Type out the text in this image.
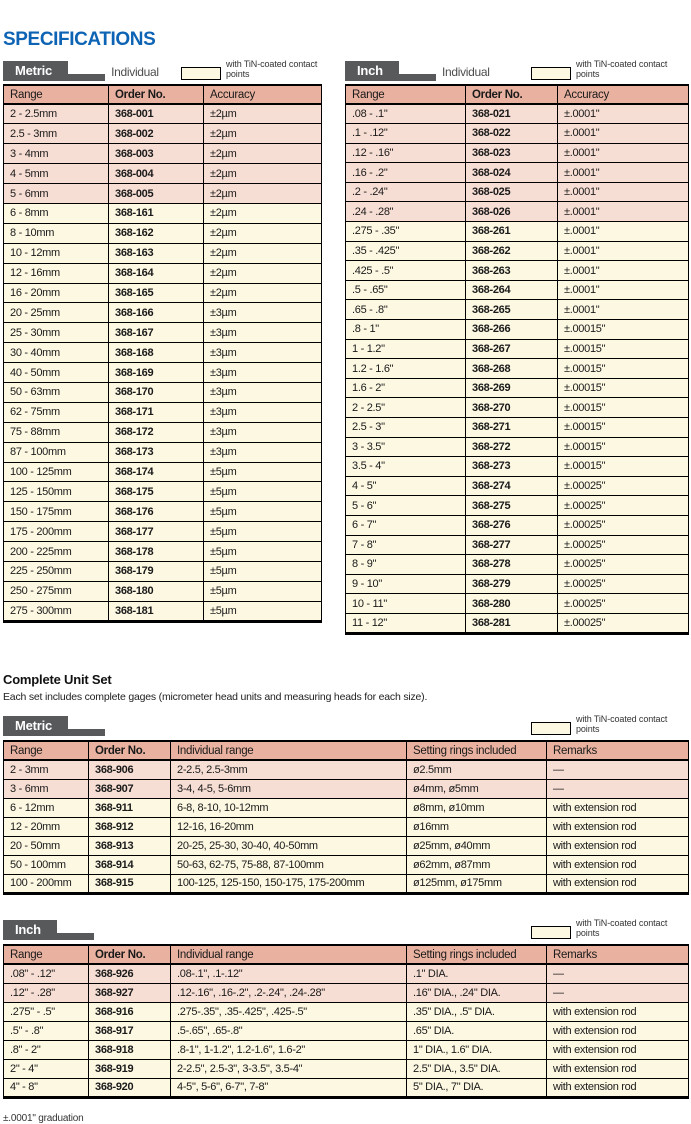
SPECIFICATIONS
Metric	Individual
with TiN-coated contact points
Range	Order No.	Accuracy
2 - 2.5mm	368-001	±2µm
2.5 - 3mm	368-002	±2µm
3 - 4mm	368-003	±2µm
4 - 5mm	368-004	±2µm
5 - 6mm	368-005	±2µm
6 - 8mm	368-161	±2µm
8 - 10mm	368-162	±2µm
10 - 12mm	368-163	±2µm
12 - 16mm	368-164	±2µm
16 - 20mm	368-165	±2µm
20 - 25mm	368-166	±3µm
25 - 30mm	368-167	±3µm
30 - 40mm	368-168	±3µm
40 - 50mm	368-169	±3µm
50 - 63mm	368-170	±3µm
62 - 75mm	368-171	±3µm
75 - 88mm	368-172	±3µm
87 - 100mm	368-173	±3µm
100 - 125mm	368-174	±5µm
125 - 150mm	368-175	±5µm
150 - 175mm	368-176	±5µm
175 - 200mm	368-177	±5µm
200 - 225mm	368-178	±5µm
225 - 250mm	368-179	±5µm
250 - 275mm	368-180	±5µm
275 - 300mm	368-181	±5µm
Inch	Individual
with TiN-coated contact points
Range	Order No.	Accuracy
.08 - .1"	368-021	±.0001"
.1 - .12"	368-022	±.0001"
.12 - .16"	368-023	±.0001"
.16 - .2"	368-024	±.0001"
.2 - .24"	368-025	±.0001"
.24 - .28"	368-026	±.0001"
.275 - .35"	368-261	±.0001"
.35 - .425"	368-262	±.0001"
.425 - .5"	368-263	±.0001"
.5 - .65"	368-264	±.0001"
.65 - .8"	368-265	±.0001"
.8 - 1"	368-266	±.00015"
1 - 1.2"	368-267	±.00015"
1.2 - 1.6"	368-268	±.00015"
1.6 - 2"	368-269	±.00015"
2 - 2.5"	368-270	±.00015"
2.5 - 3"	368-271	±.00015"
3 - 3.5"	368-272	±.00015"
3.5 - 4"	368-273	±.00015"
4 - 5"	368-274	±.00025"
5 - 6"	368-275	±.00025"
6 - 7"	368-276	±.00025"
7 - 8"	368-277	±.00025"
8 - 9"	368-278	±.00025"
9 - 10"	368-279	±.00025"
10 - 11"	368-280	±.00025"
11 - 12"	368-281	±.00025"
Complete Unit Set
Each set includes complete gages (micrometer head units and measuring heads for each size).
Metric	with TiN-coated contact points
Range	Order No.	Individual range	Setting rings included	Remarks
2 - 3mm	368-906	2-2.5, 2.5-3mm	ø2.5mm	—
3 - 6mm	368-907	3-4, 4-5, 5-6mm	ø4mm, ø5mm	—
6 - 12mm	368-911	6-8, 8-10, 10-12mm	ø8mm, ø10mm	with extension rod
12 - 20mm	368-912	12-16, 16-20mm	ø16mm	with extension rod
20 - 50mm	368-913	20-25, 25-30, 30-40, 40-50mm	ø25mm, ø40mm	with extension rod
50 - 100mm	368-914	50-63, 62-75, 75-88, 87-100mm	ø62mm, ø87mm	with extension rod
100 - 200mm	368-915	100-125, 125-150, 150-175, 175-200mm	ø125mm, ø175mm	with extension rod
Inch	with TiN-coated contact points
Range	Order No.	Individual range	Setting rings included	Remarks
.08" - .12"	368-926	.08-.1", .1-.12"	.1" DIA.	—
.12" - .28"	368-927	.12-.16", .16-.2", .2-.24", .24-.28"	.16" DIA., .24" DIA.	—
.275" - .5"	368-916	.275-.35", .35-.425", .425-.5"	.35" DIA., .5" DIA.	with extension rod
.5" - .8"	368-917	.5-.65", .65-.8"	.65" DIA.	with extension rod
.8" - 2"	368-918	.8-1", 1-1.2", 1.2-1.6", 1.6-2"	1" DIA., 1.6" DIA.	with extension rod
2" - 4"	368-919	2-2.5", 2.5-3", 3-3.5", 3.5-4"	2.5" DIA., 3.5" DIA.	with extension rod
4" - 8"	368-920	4-5", 5-6", 6-7", 7-8"	5" DIA., 7" DIA.	with extension rod
±.0001" graduation
